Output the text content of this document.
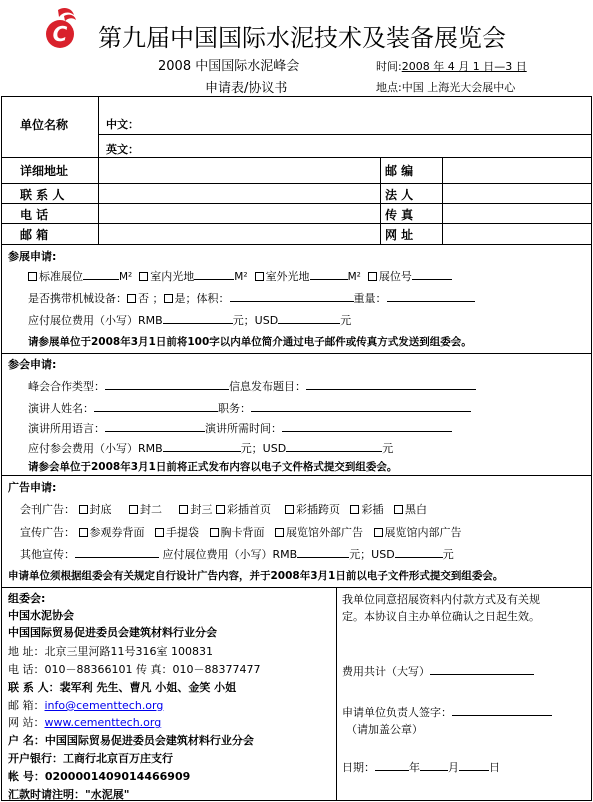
C 第九届中国国际水泥技术及装备展览会
2008 中国国际水泥峰会
申请表/协议书
时间:2008 年 4 月 1 日—3 日
地点:中国 上海光大会展中心
单位名称	中文：
英文：
详细地址	邮 编
联 系 人	法 人
电 话	传 真
邮 箱	网 址
参展申请:
标准展位	M² 室内光地	M² 室外光地	M² 展位号
是否携带机械设备： 否 ； 是；体积：	重量：
应付展位费用（小写）RMB	元；USD	元
请参展单位于2008年3月1日前将100字以内单位简介通过电子邮件或传真方式发送到组委会。
参会申请:
峰会合作类型：	信息发布题目：
演讲人姓名：	职务：
演讲所用语言：	演讲所需时间：
应付参会费用（小写）RMB	元；USD	元
请参会单位于2008年3月1日前将正式发布内容以电子文件格式提交到组委会。
广告申请:
会刊广告： 封底	封二	封三 彩插首页 彩插跨页 彩插 黑白
宣传广告： 参观券背面 手提袋 胸卡背面 展览馆外部广告 展览馆内部广告
其他宣传：	应付展位费用（小写）RMB	元；USD	元
申请单位须根据组委会有关规定自行设计广告内容，并于2008年3月1日前以电子文件形式提交到组委会。
组委会:
中国水泥协会
中国国际贸易促进委员会建筑材料行业分会
地 址：北京三里河路11号316室 100831
电 话：010－88366101 传 真：010－88377477
联 系 人：裴军利 先生、曹凡 小姐、金笑 小姐
邮 箱：info@cementtech.org
网 站：www.cementtech.org
户 名：中国国际贸易促进委员会建筑材料行业分会
开户银行：工商行北京百万庄支行
帐 号：0200001409014466909
汇款时请注明："水泥展"
我单位同意招展资料内付款方式及有关规
定。本协议自主办单位确认之日起生效。
费用共计（大写）
申请单位负责人签字：
（请加盖公章）
日期：	年	月	日
